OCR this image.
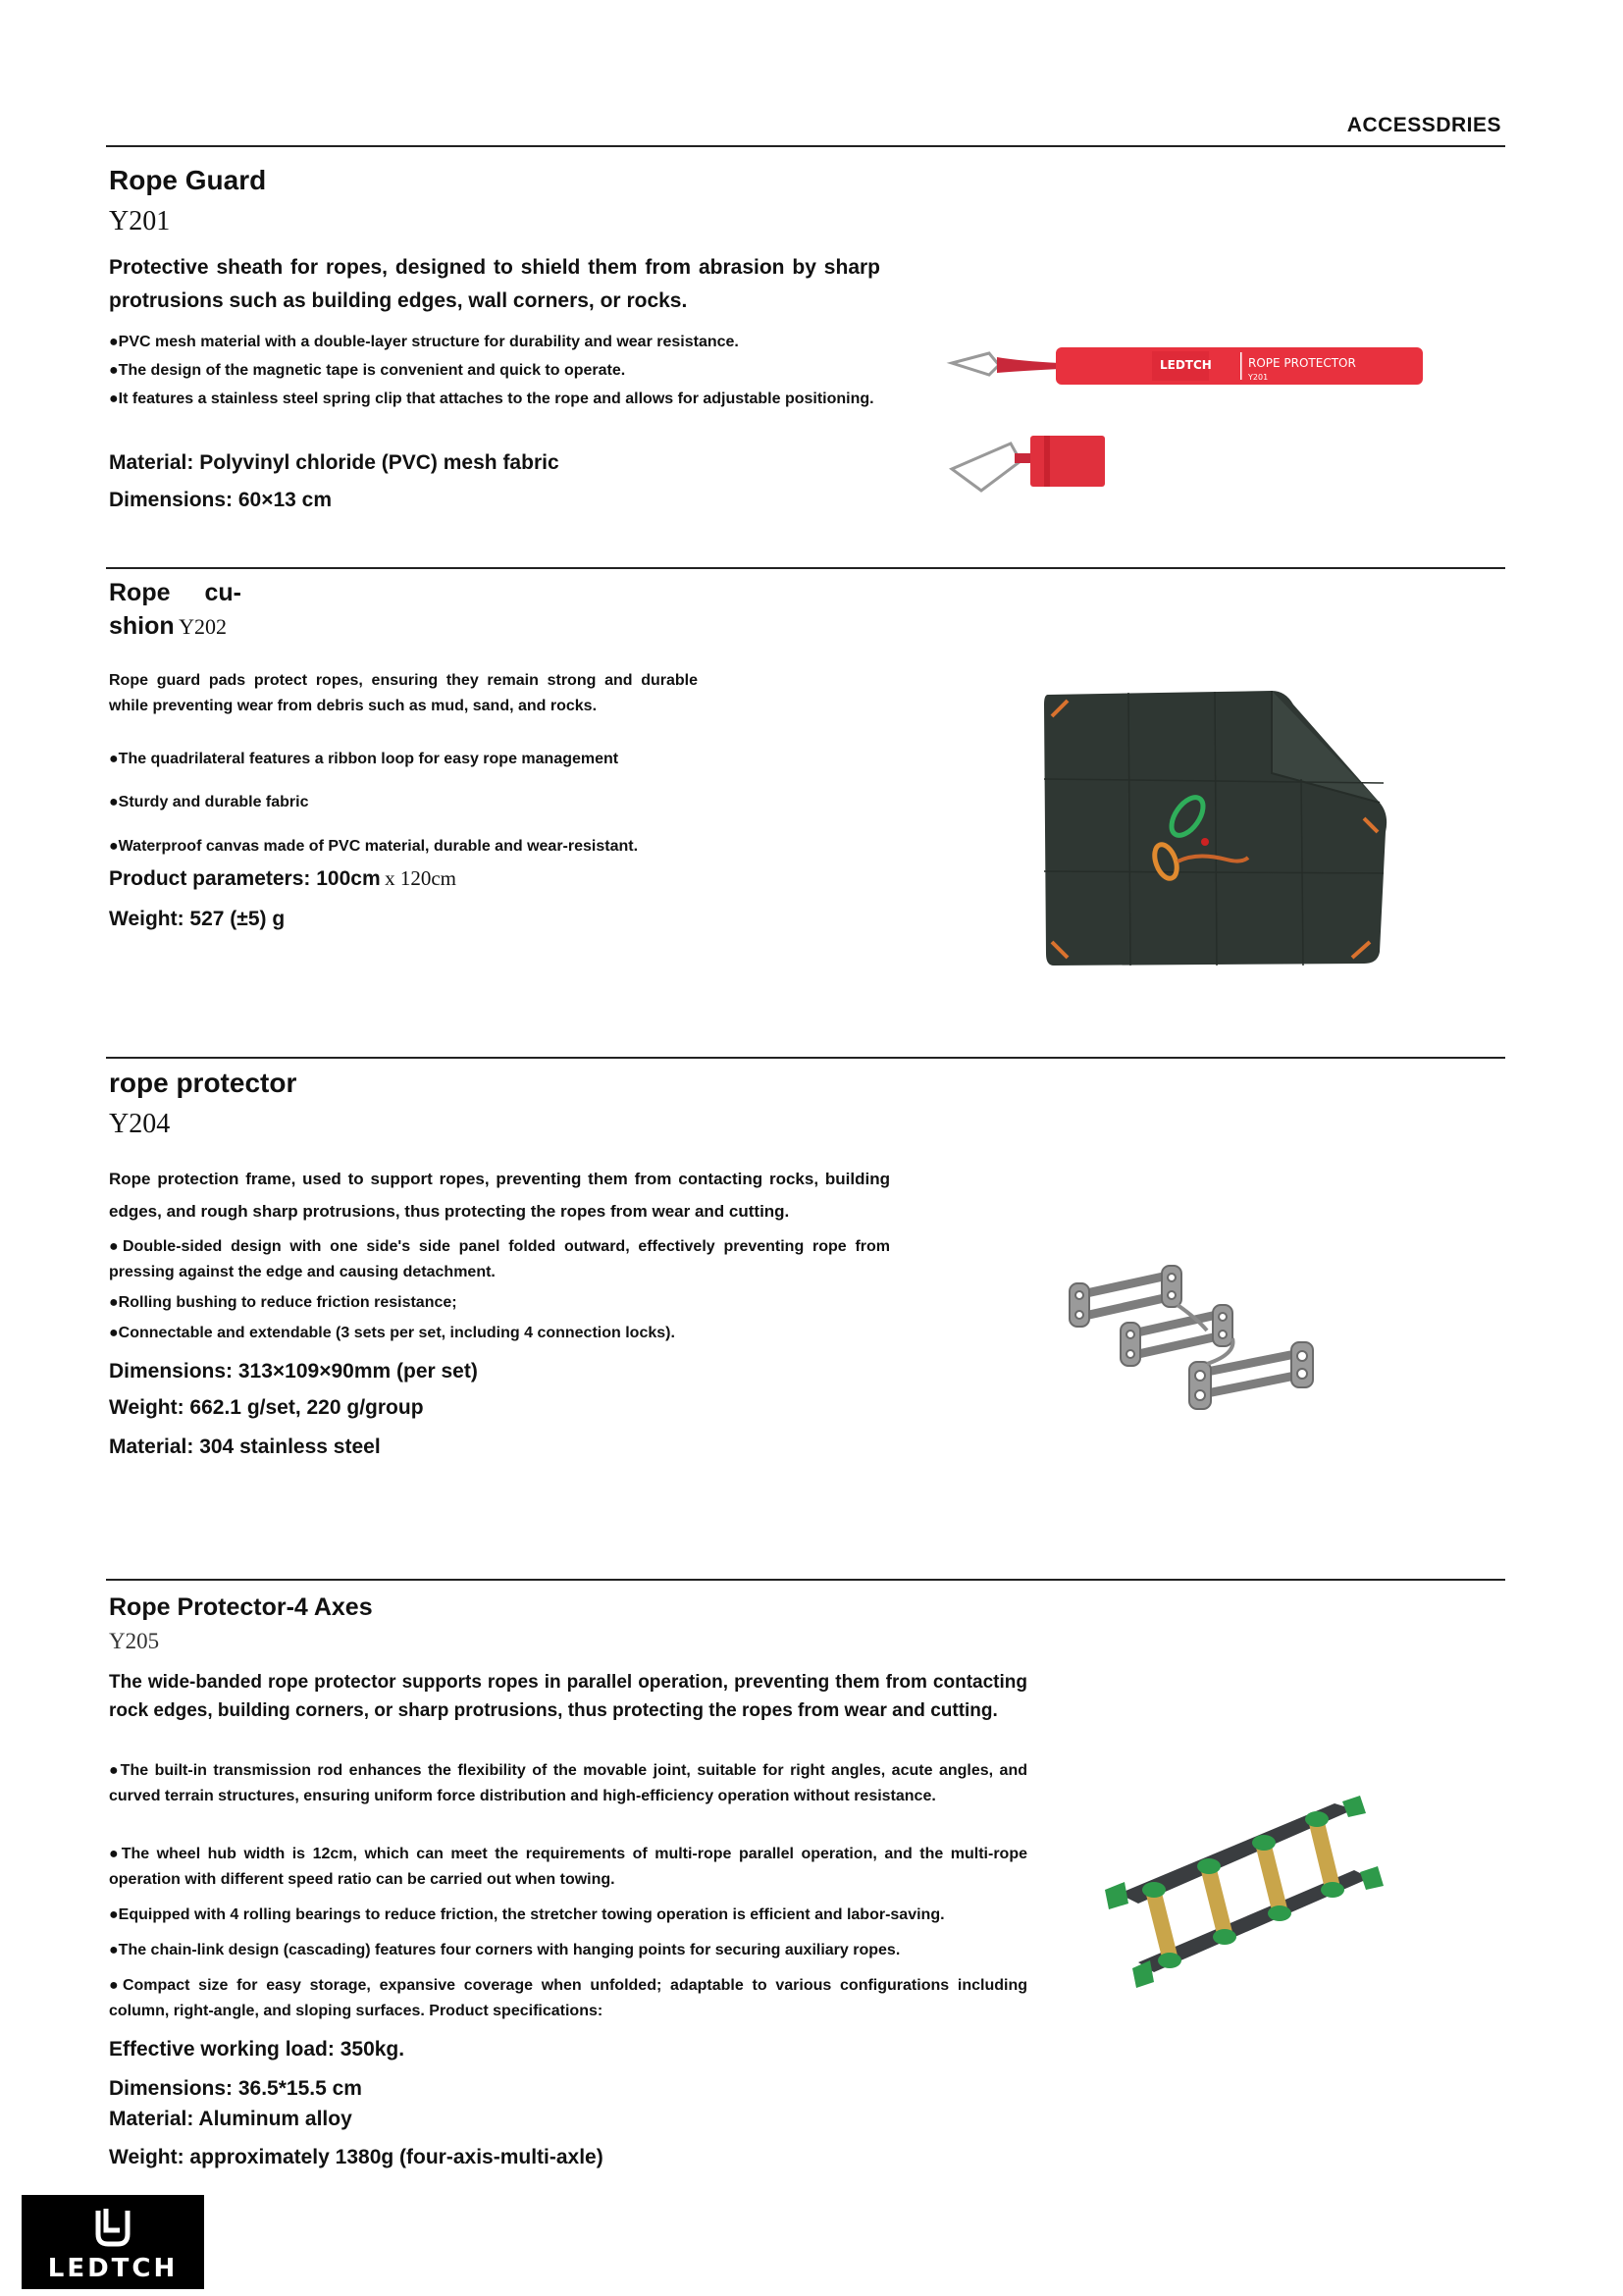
ACCESSDRIES
Rope Guard
Y201
Protective sheath for ropes, designed to shield them from abrasion by sharp protrusions such as building edges, wall corners, or rocks.
●PVC mesh material with a double-layer structure for durability and wear resistance.
●The design of the magnetic tape is convenient and quick to operate.
●It features a stainless steel spring clip that attaches to the rope and allows for adjustable positioning.
Material: Polyvinyl chloride (PVC) mesh fabric
Dimensions: 60×13 cm
LEDTCH	ROPE PROTECTOR
Y201
Rope cu-
shion Y202
Rope guard pads protect ropes, ensuring they remain strong and durable while preventing wear from debris such as mud, sand, and rocks.
●The quadrilateral features a ribbon loop for easy rope management
●Sturdy and durable fabric
●Waterproof canvas made of PVC material, durable and wear-resistant.
Product parameters: 100cm x 120cm
Weight: 527 (±5) g
rope protector
Y204
Rope protection frame, used to support ropes, preventing them from contacting rocks, building edges, and rough sharp protrusions, thus protecting the ropes from wear and cutting.
●Double-sided design with one side's side panel folded outward, effectively preventing rope from pressing against the edge and causing detachment.
●Rolling bushing to reduce friction resistance;
●Connectable and extendable (3 sets per set, including 4 connection locks).
Dimensions: 313×109×90mm (per set)
Weight: 662.1 g/set, 220 g/group
Material: 304 stainless steel
Rope Protector-4 Axes
Y205
The wide-banded rope protector supports ropes in parallel operation, preventing them from contacting rock edges, building corners, or sharp protrusions, thus protecting the ropes from wear and cutting.
●The built-in transmission rod enhances the flexibility of the movable joint, suitable for right angles, acute angles, and curved terrain structures, ensuring uniform force distribution and high-efficiency operation without resistance.
●The wheel hub width is 12cm, which can meet the requirements of multi-rope parallel operation, and the multi-rope operation with different speed ratio can be carried out when towing.
●Equipped with 4 rolling bearings to reduce friction, the stretcher towing operation is efficient and labor-saving.
●The chain-link design (cascading) features four corners with hanging points for securing auxiliary ropes.
●Compact size for easy storage, expansive coverage when unfolded; adaptable to various configurations including column, right-angle, and sloping surfaces. Product specifications:
Effective working load: 350kg.
Dimensions: 36.5*15.5 cm
Material: Aluminum alloy
Weight: approximately 1380g (four-axis-multi-axle)
LEDTCH
